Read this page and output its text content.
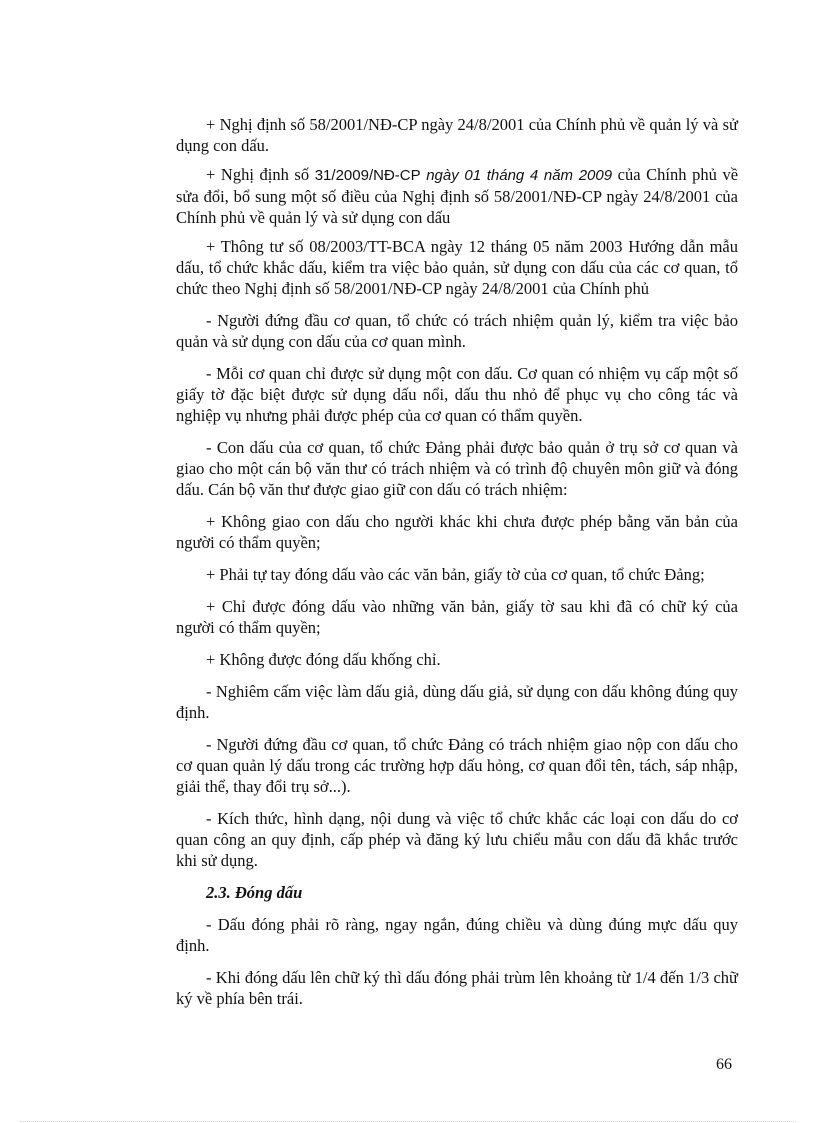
+ Nghị định số 58/2001/NĐ-CP ngày 24/8/2001 của Chính phủ về quản lý và sử dụng con dấu.

+ Nghị định số 31/2009/NĐ-CP ngày 01 tháng 4 năm 2009 của Chính phủ về sửa đổi, bổ sung một số điều của Nghị định số 58/2001/NĐ-CP ngày 24/8/2001 của Chính phủ về quản lý và sử dụng con dấu

+ Thông tư số 08/2003/TT-BCA ngày 12 tháng 05 năm 2003 Hướng dẫn mẫu dấu, tổ chức khắc dấu, kiểm tra việc bảo quản, sử dụng con dấu của các cơ quan, tổ chức theo Nghị định số 58/2001/NĐ-CP ngày 24/8/2001 của Chính phủ

- Người đứng đầu cơ quan, tổ chức có trách nhiệm quản lý, kiểm tra việc bảo quản và sử dụng con dấu của cơ quan mình.

- Mỗi cơ quan chỉ được sử dụng một con dấu. Cơ quan có nhiệm vụ cấp một số giấy tờ đặc biệt được sử dụng dấu nổi, dấu thu nhỏ để phục vụ cho công tác và nghiệp vụ nhưng phải được phép của cơ quan có thẩm quyền.

- Con dấu của cơ quan, tổ chức Đảng phải được bảo quản ở trụ sở cơ quan và giao cho một cán bộ văn thư có trách nhiệm và có trình độ chuyên môn giữ và đóng dấu. Cán bộ văn thư được giao giữ con dấu có trách nhiệm:

+ Không giao con dấu cho người khác khi chưa được phép bằng văn bản của người có thẩm quyền;

+ Phải tự tay đóng dấu vào các văn bản, giấy tờ của cơ quan, tổ chức Đảng;

+ Chỉ được đóng dấu vào những văn bản, giấy tờ sau khi đã có chữ ký của người có thẩm quyền;

+ Không được đóng dấu khống chỉ.

- Nghiêm cấm việc làm dấu giả, dùng dấu giả, sử dụng con dấu không đúng quy định.

- Người đứng đầu cơ quan, tổ chức Đảng có trách nhiệm giao nộp con dấu cho cơ quan quản lý dấu trong các trường hợp dấu hỏng, cơ quan đổi tên, tách, sáp nhập, giải thể, thay đổi trụ sở...).

- Kích thức, hình dạng, nội dung và việc tổ chức khắc các loại con dấu do cơ quan công an quy định, cấp phép và đăng ký lưu chiểu mẫu con dấu đã khắc trước khi sử dụng.

2.3. Đóng dấu

- Dấu đóng phải rõ ràng, ngay ngắn, đúng chiều và dùng đúng mực dấu quy định.

- Khi đóng dấu lên chữ ký thì dấu đóng phải trùm lên khoảng từ 1/4 đến 1/3 chữ ký về phía bên trái.

66
